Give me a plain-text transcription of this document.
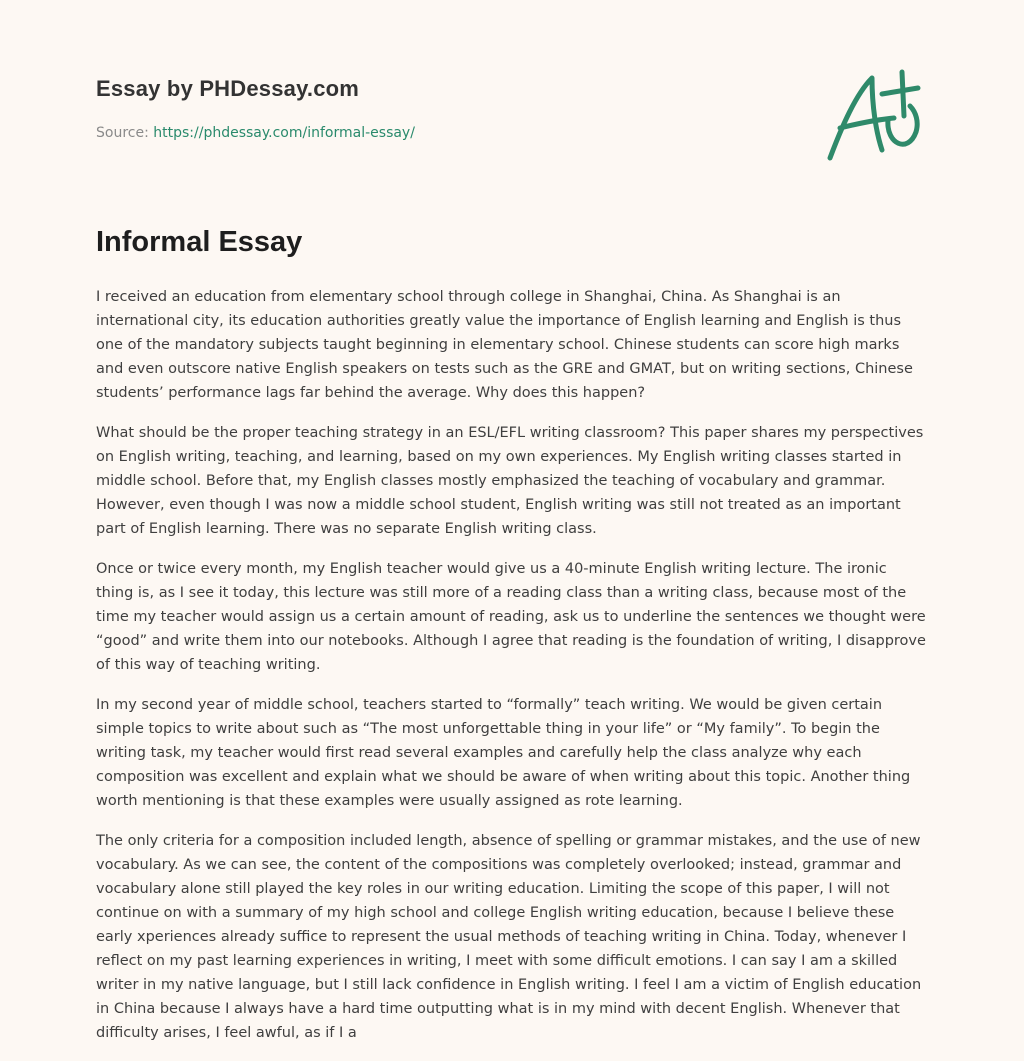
Essay by PHDessay.com
Source: https://phdessay.com/informal-essay/
Informal Essay

I received an education from elementary school through college in Shanghai, China. As Shanghai is an international city, its education authorities greatly value the importance of English learning and English is thus one of the mandatory subjects taught beginning in elementary school. Chinese students can score high marks and even outscore native English speakers on tests such as the GRE and GMAT, but on writing sections, Chinese students’ performance lags far behind the average. Why does this happen?

What should be the proper teaching strategy in an ESL/EFL writing classroom? This paper shares my perspectives on English writing, teaching, and learning, based on my own experiences. My English writing classes started in middle school. Before that, my English classes mostly emphasized the teaching of vocabulary and grammar. However, even though I was now a middle school student, English writing was still not treated as an important part of English learning. There was no separate English writing class.

Once or twice every month, my English teacher would give us a 40-minute English writing lecture. The ironic thing is, as I see it today, this lecture was still more of a reading class than a writing class, because most of the time my teacher would assign us a certain amount of reading, ask us to underline the sentences we thought were “good” and write them into our notebooks. Although I agree that reading is the foundation of writing, I disapprove of this way of teaching writing.

In my second year of middle school, teachers started to “formally” teach writing. We would be given certain simple topics to write about such as “The most unforgettable thing in your life” or “My family”. To begin the writing task, my teacher would first read several examples and carefully help the class analyze why each composition was excellent and explain what we should be aware of when writing about this topic. Another thing worth mentioning is that these examples were usually assigned as rote learning.

The only criteria for a composition included length, absence of spelling or grammar mistakes, and the use of new vocabulary. As we can see, the content of the compositions was completely overlooked; instead, grammar and vocabulary alone still played the key roles in our writing education. Limiting the scope of this paper, I will not continue on with a summary of my high school and college English writing education, because I believe these early xperiences already suffice to represent the usual methods of teaching writing in China. Today, whenever I reflect on my past learning experiences in writing, I meet with some difficult emotions. I can say I am a skilled writer in my native language, but I still lack confidence in English writing. I feel I am a victim of English education in China because I always have a hard time outputting what is in my mind with decent English. Whenever that difficulty arises, I feel awful, as if I a
